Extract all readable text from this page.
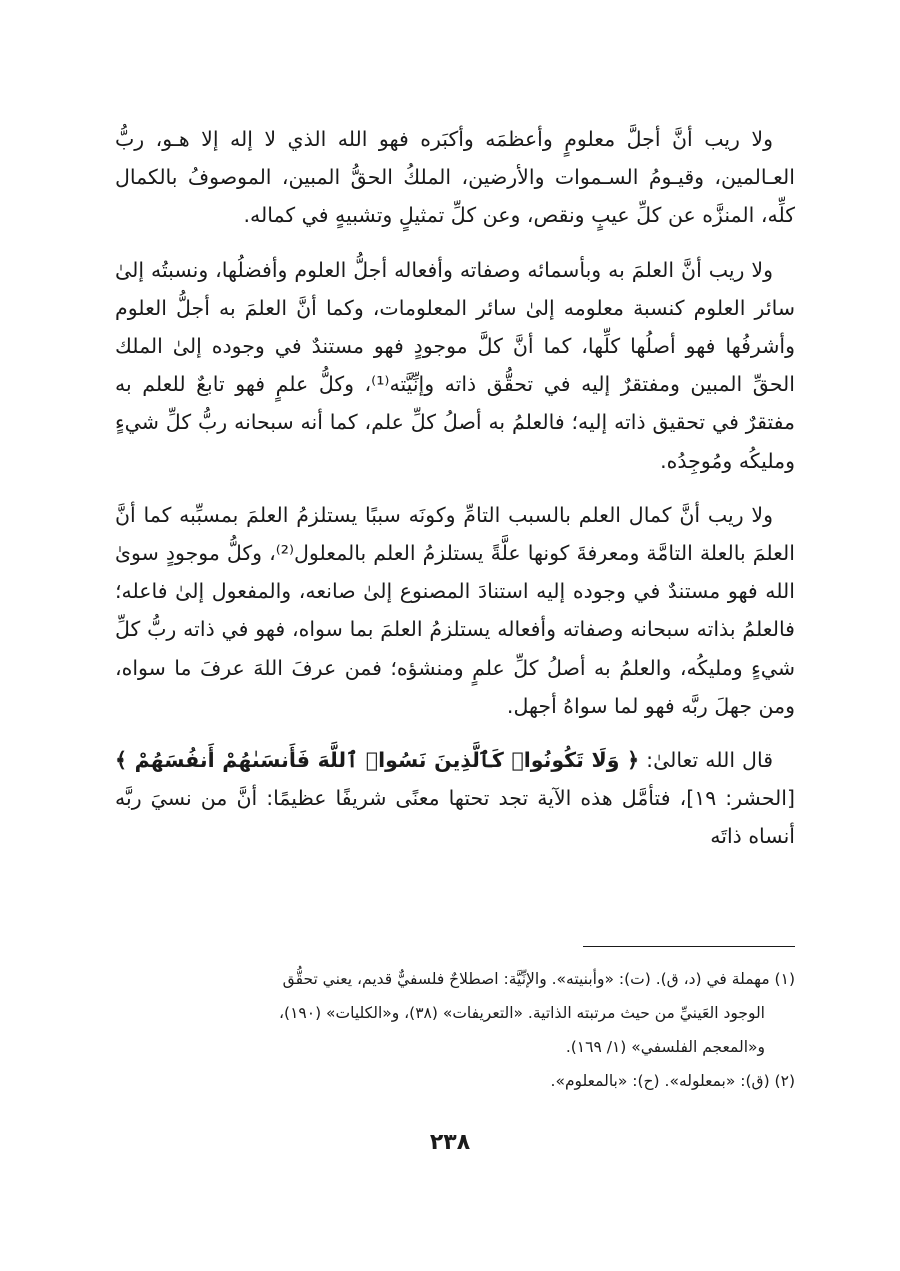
ولا ريب أنَّ أجلَّ معلومٍ وأعظمَه وأكبَره فهو الله الذي لا إله إلا هـو، ربُّ العـالمين، وقيـومُ السـموات والأرضين، الملكُ الحقُّ المبين، الموصوفُ بالكمال كلِّه، المنزَّه عن كلِّ عيبٍ ونقص، وعن كلِّ تمثيلٍ وتشبيهٍ في كماله.

ولا ريب أنَّ العلمَ به وبأسمائه وصفاته وأفعاله أجلُّ العلوم وأفضلُها، ونسبتُه إلىٰ سائر العلوم كنسبة معلومه إلىٰ سائر المعلومات، وكما أنَّ العلمَ به أجلُّ العلوم وأشرفُها فهو أصلُها كلِّها، كما أنَّ كلَّ موجودٍ فهو مستندٌ في وجوده إلىٰ الملك الحقِّ المبين ومفتقرٌ إليه في تحقُّق ذاته وإنِّيَّته⁽¹⁾، وكلُّ علمٍ فهو تابعٌ للعلم به مفتقرٌ في تحقيق ذاته إليه؛ فالعلمُ به أصلُ كلِّ علم، كما أنه سبحانه ربُّ كلِّ شيءٍ ومليكُه ومُوجِدُه.

ولا ريب أنَّ كمال العلم بالسبب التامِّ وكونَه سببًا يستلزمُ العلمَ بمسبِّبه كما أنَّ العلمَ بالعلة التامَّة ومعرفةَ كونها علَّةً يستلزمُ العلم بالمعلول⁽²⁾، وكلُّ موجودٍ سوىٰ الله فهو مستندٌ في وجوده إليه استنادَ المصنوع إلىٰ صانعه، والمفعول إلىٰ فاعله؛ فالعلمُ بذاته سبحانه وصفاته وأفعاله يستلزمُ العلمَ بما سواه، فهو في ذاته ربُّ كلِّ شيءٍ ومليكُه، والعلمُ به أصلُ كلِّ علمٍ ومنشؤه؛ فمن عرفَ اللهَ عرفَ ما سواه، ومن جهلَ ربَّه فهو لما سواهُ أجهل.

قال الله تعالىٰ: ﴿ وَلَا تَكُونُوا۟ كَٱلَّذِينَ نَسُوا۟ ٱللَّهَ فَأَنسَىٰهُمْ أَنفُسَهُمْ ﴾ [الحشر: ١٩]، فتأمَّل هذه الآية تجد تحتها معنًى شريفًا عظيمًا: أنَّ من نسيَ ربَّه أنساه ذاتَه

(١) مهملة في (د، ق). (ت): «وأبنيته». والإنِّيَّة: اصطلاحٌ فلسفيٌّ قديم، يعني تحقُّق

الوجود العَينيِّ من حيث مرتبته الذاتية. «التعريفات» (٣٨)، و«الكليات» (١٩٠)،

و«المعجم الفلسفي» (١/ ١٦٩).

(٢) (ق): «بمعلوله». (ح): «بالمعلوم».

٢٣٨
